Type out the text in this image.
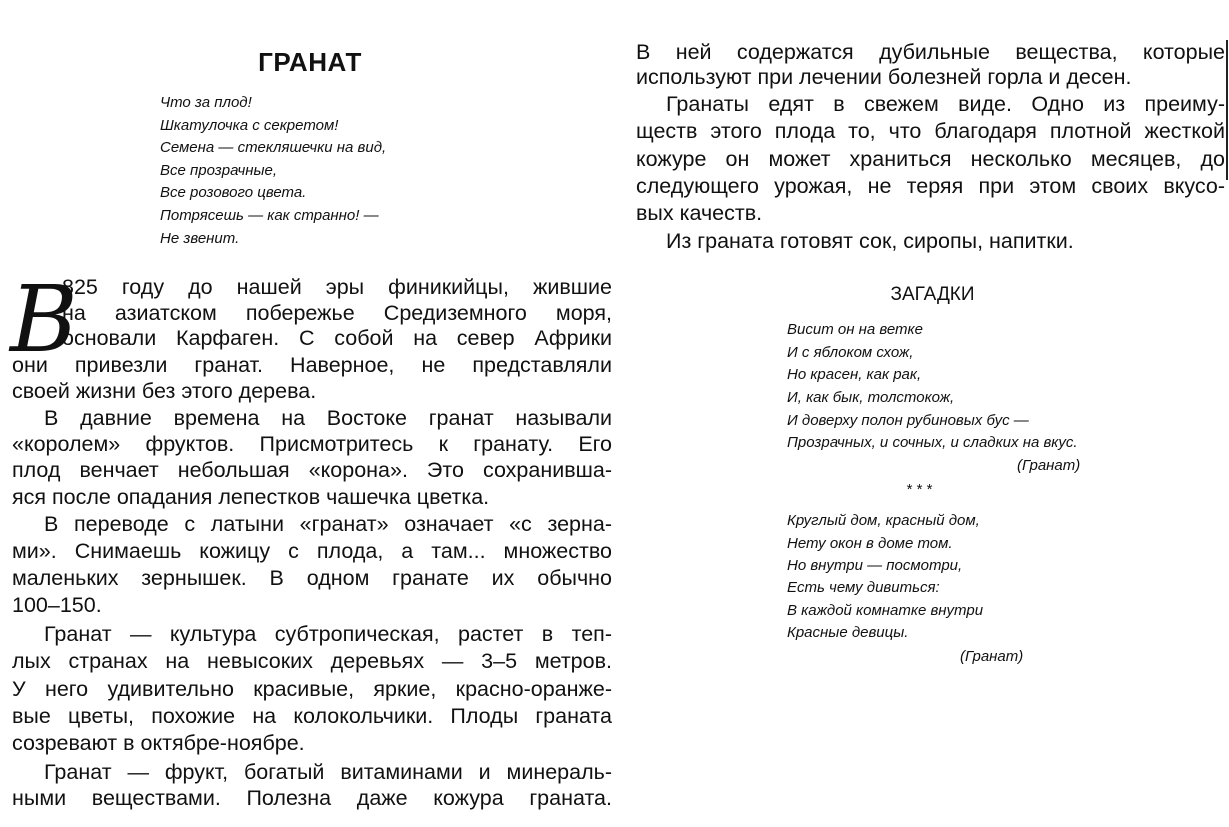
ГРАНАТ
Что за плод!
Шкатулочка с секретом!
Семена — стекляшечки на вид,
Все прозрачные,
Все розового цвета.
Потрясешь — как странно! —
Не звенит.
В
825 году до нашей эры финикийцы, жившие
на азиатском побережье Средиземного моря,
основали Карфаген. С собой на север Африки
они привезли гранат. Наверное, не представляли
своей жизни без этого дерева.
В давние времена на Востоке гранат называли
«королем» фруктов. Присмотритесь к гранату. Его
плод венчает небольшая «корона». Это сохранивша-
яся после опадания лепестков чашечка цветка.
В переводе с латыни «гранат» означает «с зерна-
ми». Снимаешь кожицу с плода, а там... множество
маленьких зернышек. В одном гранате их обычно
100–150.
Гранат — культура субтропическая, растет в теп-
лых странах на невысоких деревьях — 3–5 метров.
У него удивительно красивые, яркие, красно-оранже-
вые цветы, похожие на колокольчики. Плоды граната
созревают в октябре-ноябре.
Гранат — фрукт, богатый витаминами и минераль-
ными веществами. Полезна даже кожура граната.
В ней содержатся дубильные вещества, которые
используют при лечении болезней горла и десен.
Гранаты едят в свежем виде. Одно из преиму-
ществ этого плода то, что благодаря плотной жесткой
кожуре он может храниться несколько месяцев, до
следующего урожая, не теряя при этом своих вкусо-
вых качеств.
Из граната готовят сок, сиропы, напитки.
ЗАГАДКИ
Висит он на ветке
И с яблоком схож,
Но красен, как рак,
И, как бык, толстокож,
И доверху полон рубиновых бус —
Прозрачных, и сочных, и сладких на вкус.
(Гранат)
* * *
Круглый дом, красный дом,
Нету окон в доме том.
Но внутри — посмотри,
Есть чему дивиться:
В каждой комнатке внутри
Красные девицы.
(Гранат)
